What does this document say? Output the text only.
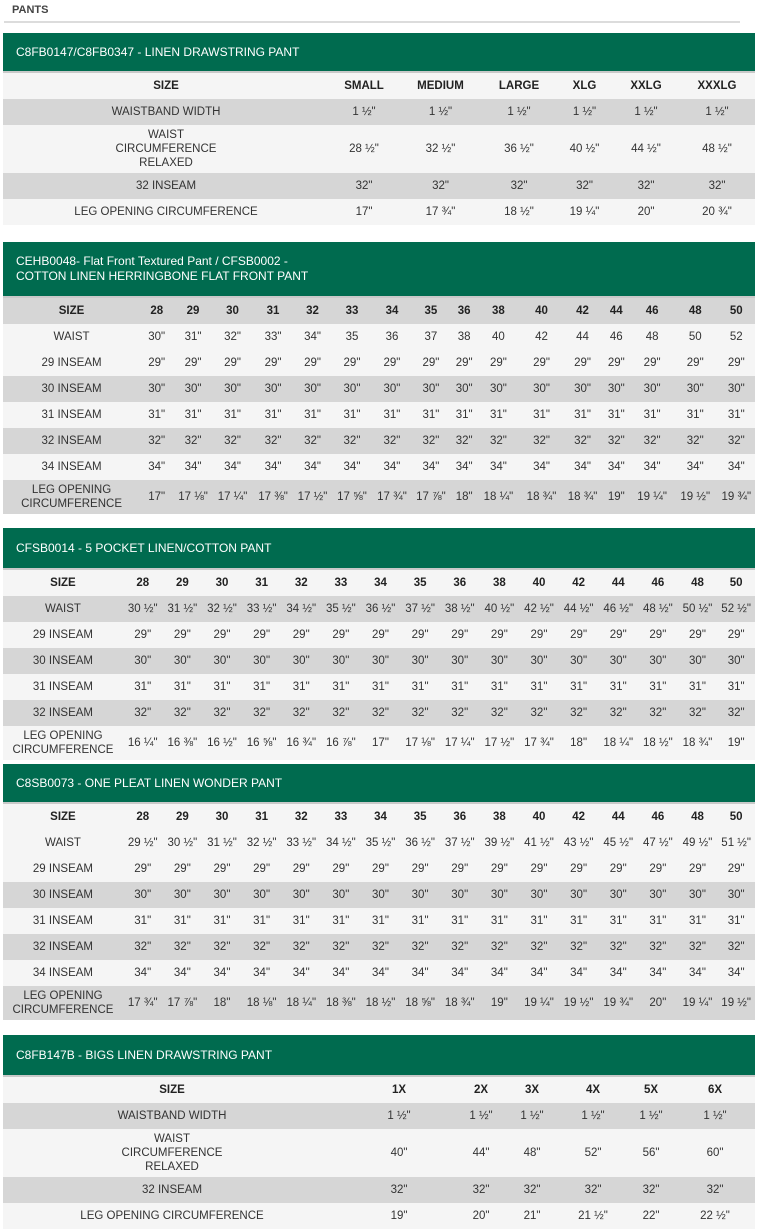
PANTS
C8FB0147/C8FB0347 - LINEN DRAWSTRING PANT
SIZE	SMALL	MEDIUM	LARGE	XLG	XXLG	XXXLG
WAISTBAND WIDTH	1 ½"	1 ½"	1 ½"	1 ½"	1 ½"	1 ½"
WAIST
CIRCUMFERENCE
RELAXED	28 ½"	32 ½"	36 ½"	40 ½"	44 ½"	48 ½"
32 INSEAM	32"	32"	32"	32"	32"	32"
LEG OPENING CIRCUMFERENCE	17"	17 ¾"	18 ½"	19 ¼"	20"	20 ¾"
CEHB0048- Flat Front Textured Pant / CFSB0002 -
COTTON LINEN HERRINGBONE FLAT FRONT PANT
SIZE	28	29	30	31	32	33	34	35	36	38	40	42	44	46	48	50
WAIST	30"	31"	32"	33"	34"	35	36	37	38	40	42	44	46	48	50	52
29 INSEAM	29"	29"	29"	29"	29"	29"	29"	29"	29"	29"	29"	29"	29"	29"	29"	29"
30 INSEAM	30"	30"	30"	30"	30"	30"	30"	30"	30"	30"	30"	30"	30"	30"	30"	30"
31 INSEAM	31"	31"	31"	31"	31"	31"	31"	31"	31"	31"	31"	31"	31"	31"	31"	31"
32 INSEAM	32"	32"	32"	32"	32"	32"	32"	32"	32"	32"	32"	32"	32"	32"	32"	32"
34 INSEAM	34"	34"	34"	34"	34"	34"	34"	34"	34"	34"	34"	34"	34"	34"	34"	34"
LEG OPENING
CIRCUMFERENCE	17"	17 ⅛"	17 ¼"	17 ⅜"	17 ½"	17 ⅝"	17 ¾"	17 ⅞"	18"	18 ¼"	18 ¾"	18 ¾"	19"	19 ¼"	19 ½"	19 ¾"
CFSB0014 - 5 POCKET LINEN/COTTON PANT
SIZE	28	29	30	31	32	33	34	35	36	38	40	42	44	46	48	50
WAIST	30 ½"	31 ½"	32 ½"	33 ½"	34 ½"	35 ½"	36 ½"	37 ½"	38 ½"	40 ½"	42 ½"	44 ½"	46 ½"	48 ½"	50 ½"	52 ½"
29 INSEAM	29"	29"	29"	29"	29"	29"	29"	29"	29"	29"	29"	29"	29"	29"	29"	29"
30 INSEAM	30"	30"	30"	30"	30"	30"	30"	30"	30"	30"	30"	30"	30"	30"	30"	30"
31 INSEAM	31"	31"	31"	31"	31"	31"	31"	31"	31"	31"	31"	31"	31"	31"	31"	31"
32 INSEAM	32"	32"	32"	32"	32"	32"	32"	32"	32"	32"	32"	32"	32"	32"	32"	32"
LEG OPENING
CIRCUMFERENCE	16 ¼"	16 ⅜"	16 ½"	16 ⅝"	16 ¾"	16 ⅞"	17"	17 ⅛"	17 ¼"	17 ½"	17 ¾"	18"	18 ¼"	18 ½"	18 ¾"	19"
C8SB0073 - ONE PLEAT LINEN WONDER PANT
SIZE	28	29	30	31	32	33	34	35	36	38	40	42	44	46	48	50
WAIST	29 ½"	30 ½"	31 ½"	32 ½"	33 ½"	34 ½"	35 ½"	36 ½"	37 ½"	39 ½"	41 ½"	43 ½"	45 ½"	47 ½"	49 ½"	51 ½"
29 INSEAM	29"	29"	29"	29"	29"	29"	29"	29"	29"	29"	29"	29"	29"	29"	29"	29"
30 INSEAM	30"	30"	30"	30"	30"	30"	30"	30"	30"	30"	30"	30"	30"	30"	30"	30"
31 INSEAM	31"	31"	31"	31"	31"	31"	31"	31"	31"	31"	31"	31"	31"	31"	31"	31"
32 INSEAM	32"	32"	32"	32"	32"	32"	32"	32"	32"	32"	32"	32"	32"	32"	32"	32"
34 INSEAM	34"	34"	34"	34"	34"	34"	34"	34"	34"	34"	34"	34"	34"	34"	34"	34"
LEG OPENING
CIRCUMFERENCE	17 ¾"	17 ⅞"	18"	18 ⅛"	18 ¼"	18 ⅜"	18 ½"	18 ⅝"	18 ¾"	19"	19 ¼"	19 ½"	19 ¾"	20"	19 ¼"	19 ½"
C8FB147B - BIGS LINEN DRAWSTRING PANT
SIZE	1X	2X	3X	4X	5X	6X
WAISTBAND WIDTH	1 ½"	1 ½"	1 ½"	1 ½"	1 ½"	1 ½"
WAIST
CIRCUMFERENCE
RELAXED	40"	44"	48"	52"	56"	60"
32 INSEAM	32"	32"	32"	32"	32"	32"
LEG OPENING CIRCUMFERENCE	19"	20"	21"	21 ½"	22"	22 ½"
